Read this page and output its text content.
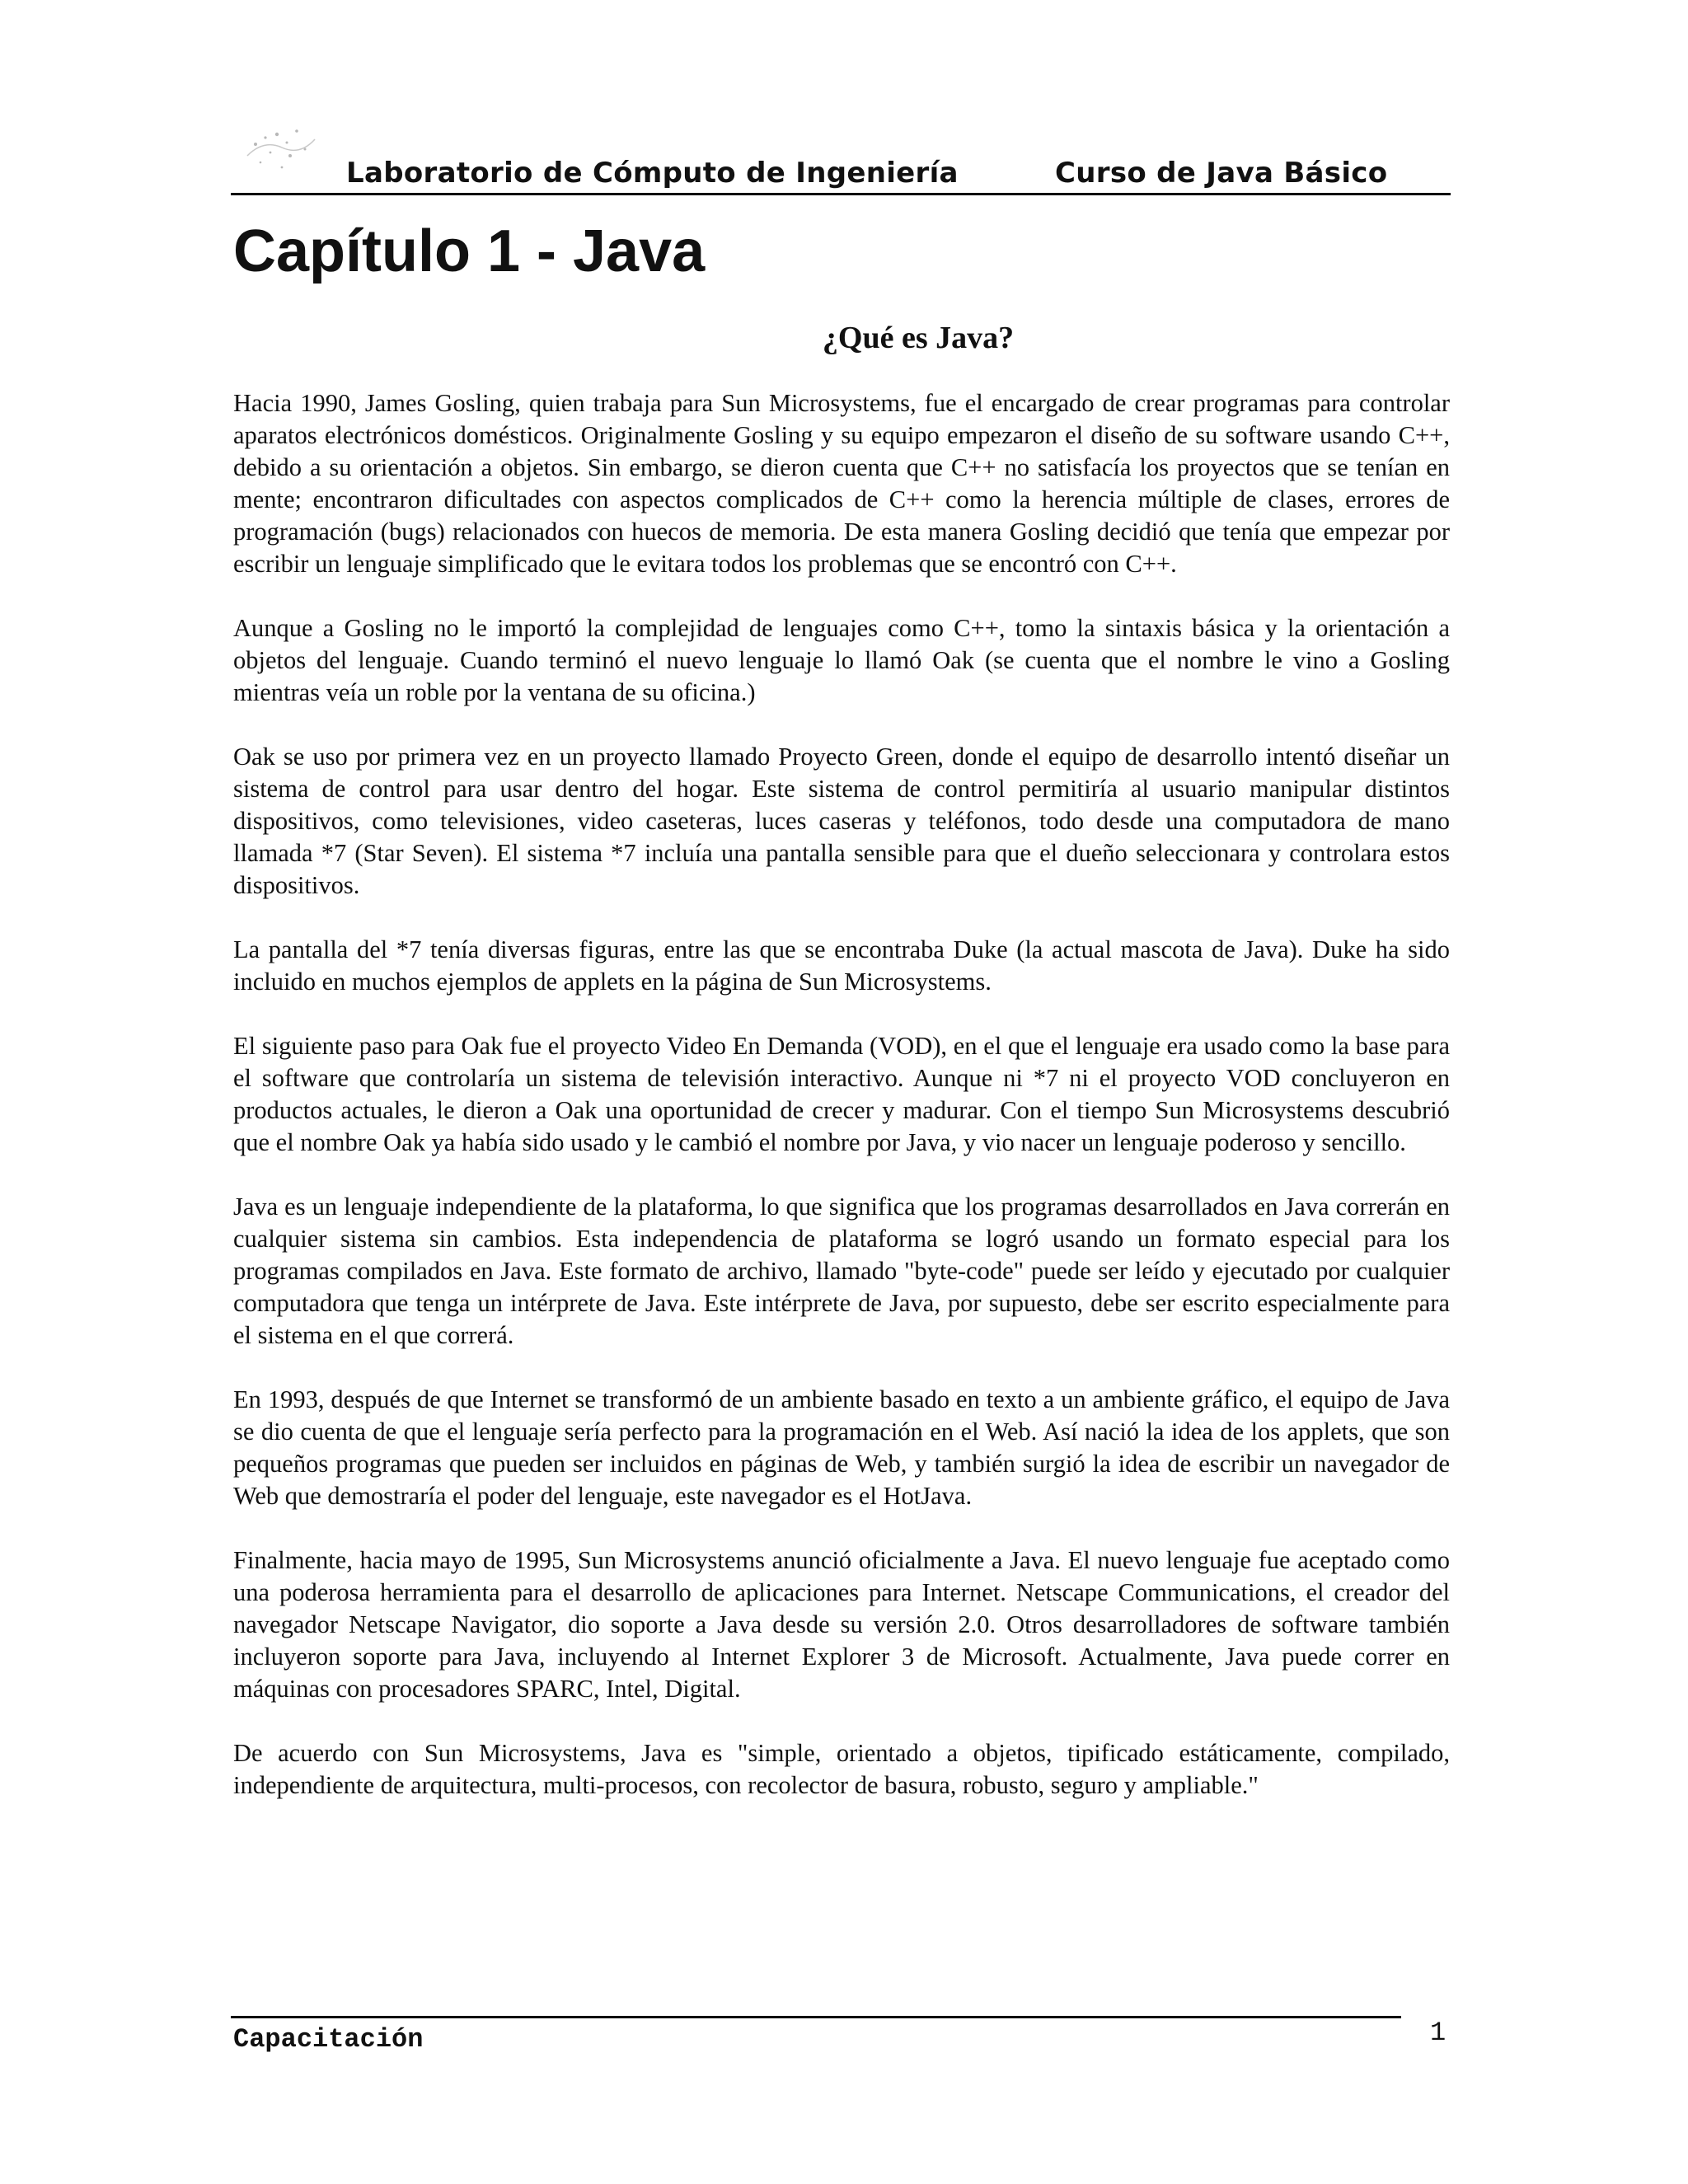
Laboratorio de Cómputo de Ingeniería	Curso de Java Básico
Capítulo 1 - Java
¿Qué es Java?

Hacia 1990, James Gosling, quien trabaja para Sun Microsystems, fue el encargado de crear programas para controlar aparatos electrónicos domésticos. Originalmente Gosling y su equipo empezaron el diseño de su software usando C++, debido a su orientación a objetos. Sin embargo, se dieron cuenta que C++ no satisfacía los proyectos que se tenían en mente; encontraron dificultades con aspectos complicados de C++ como la herencia múltiple de clases, errores de programación (bugs) relacionados con huecos de memoria. De esta manera Gosling decidió que tenía que empezar por escribir un lenguaje simplificado que le evitara todos los problemas que se encontró con C++.

Aunque a Gosling no le importó la complejidad de lenguajes como C++, tomo la sintaxis básica y la orientación a objetos del lenguaje. Cuando terminó el nuevo lenguaje lo llamó Oak (se cuenta que el nombre le vino a Gosling mientras veía un roble por la ventana de su oficina.)

Oak se uso por primera vez en un proyecto llamado Proyecto Green, donde el equipo de desarrollo intentó diseñar un sistema de control para usar dentro del hogar. Este sistema de control permitiría al usuario manipular distintos dispositivos, como televisiones, video caseteras, luces caseras y teléfonos, todo desde una computadora de mano llamada *7 (Star Seven). El sistema *7 incluía una pantalla sensible para que el dueño seleccionara y controlara estos dispositivos.

La pantalla del *7 tenía diversas figuras, entre las que se encontraba Duke (la actual mascota de Java). Duke ha sido incluido en muchos ejemplos de applets en la página de Sun Microsystems.

El siguiente paso para Oak fue el proyecto Video En Demanda (VOD), en el que el lenguaje era usado como la base para el software que controlaría un sistema de televisión interactivo. Aunque ni *7 ni el proyecto VOD concluyeron en productos actuales, le dieron a Oak una oportunidad de crecer y madurar. Con el tiempo Sun Microsystems descubrió que el nombre Oak ya había sido usado y le cambió el nombre por Java, y vio nacer un lenguaje poderoso y sencillo.

Java es un lenguaje independiente de la plataforma, lo que significa que los programas desarrollados en Java correrán en cualquier sistema sin cambios. Esta independencia de plataforma se logró usando un formato especial para los programas compilados en Java. Este formato de archivo, llamado "byte-code" puede ser leído y ejecutado por cualquier computadora que tenga un intérprete de Java. Este intérprete de Java, por supuesto, debe ser escrito especialmente para el sistema en el que correrá.

En 1993, después de que Internet se transformó de un ambiente basado en texto a un ambiente gráfico, el equipo de Java se dio cuenta de que el lenguaje sería perfecto para la programación en el Web. Así nació la idea de los applets, que son pequeños programas que pueden ser incluidos en páginas de Web, y también surgió la idea de escribir un navegador de Web que demostraría el poder del lenguaje, este navegador es el HotJava.

Finalmente, hacia mayo de 1995, Sun Microsystems anunció oficialmente a Java. El nuevo lenguaje fue aceptado como una poderosa herramienta para el desarrollo de aplicaciones para Internet. Netscape Communications, el creador del navegador Netscape Navigator, dio soporte a Java desde su versión 2.0. Otros desarrolladores de software también incluyeron soporte para Java, incluyendo al Internet Explorer 3 de Microsoft. Actualmente, Java puede correr en máquinas con procesadores SPARC, Intel, Digital.

De acuerdo con Sun Microsystems, Java es "simple, orientado a objetos, tipificado estáticamente, compilado, independiente de arquitectura, multi-procesos, con recolector de basura, robusto, seguro y ampliable."

Capacitación	1
